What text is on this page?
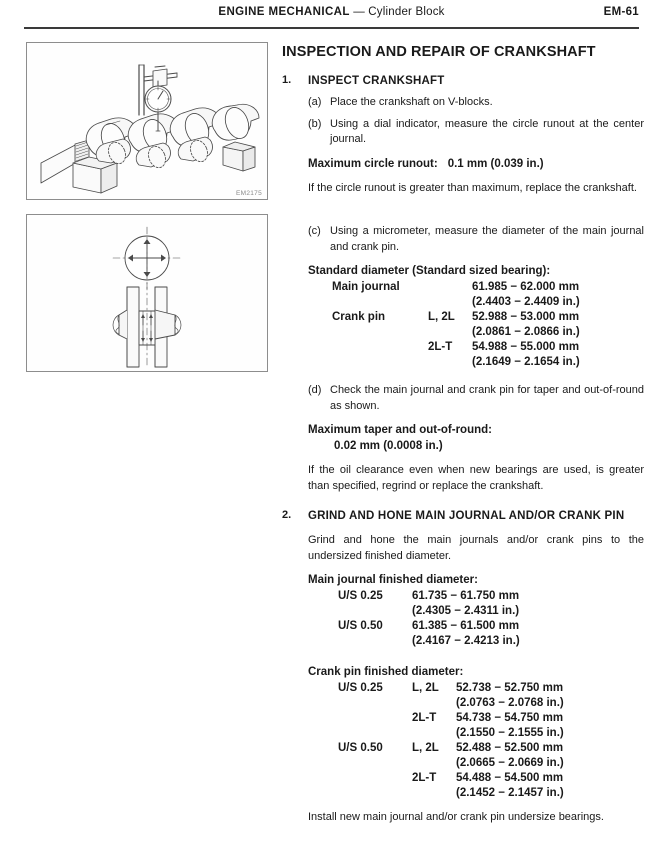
ENGINE MECHANICAL — Cylinder Block	EM-61
EM2175
INSPECTION AND REPAIR OF CRANKSHAFT
1.	INSPECT CRANKSHAFT
(a) Place the crankshaft on V-blocks.
(b) Using a dial indicator, measure the circle runout at the center journal.
Maximum circle runout: 0.1 mm (0.039 in.)
If the circle runout is greater than maximum, replace the crankshaft.
(c) Using a micrometer, measure the diameter of the main journal and crank pin.
Standard diameter (Standard sized bearing):
Main journal		61.985 − 62.000 mm
		(2.4403 − 2.4409 in.)
Crank pin	L, 2L	52.988 − 53.000 mm
		(2.0861 − 2.0866 in.)
	2L-T	54.988 − 55.000 mm
		(2.1649 − 2.1654 in.)
(d) Check the main journal and crank pin for taper and out-of-round as shown.
Maximum taper and out-of-round:
0.02 mm (0.0008 in.)
If the oil clearance even when new bearings are used, is greater than specified, regrind or replace the crankshaft.
2.	GRIND AND HONE MAIN JOURNAL AND/OR CRANK PIN
Grind and hone the main journals and/or crank pins to the undersized finished diameter.
Main journal finished diameter:
U/S 0.25	61.735 − 61.750 mm
	(2.4305 − 2.4311 in.)
U/S 0.50	61.385 − 61.500 mm
	(2.4167 − 2.4213 in.)
Crank pin finished diameter:
U/S 0.25	L, 2L	52.738 − 52.750 mm
		(2.0763 − 2.0768 in.)
	2L-T	54.738 − 54.750 mm
		(2.1550 − 2.1555 in.)
U/S 0.50	L, 2L	52.488 − 52.500 mm
		(2.0665 − 2.0669 in.)
	2L-T	54.488 − 54.500 mm
		(2.1452 − 2.1457 in.)
Install new main journal and/or crank pin undersize bearings.
